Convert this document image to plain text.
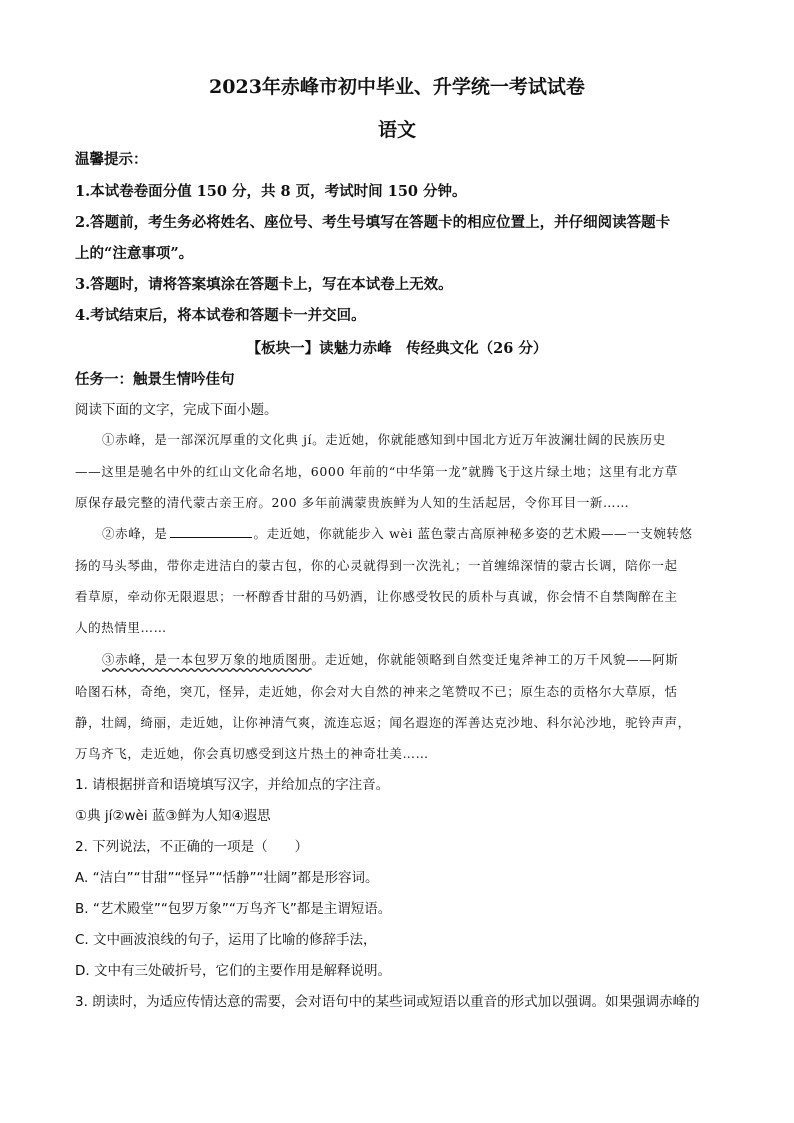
2023年赤峰市初中毕业、升学统一考试试卷
语文
温馨提示：
1.本试卷卷面分值 150 分，共 8 页，考试时间 150 分钟。
2.答题前，考生务必将姓名、座位号、考生号填写在答题卡的相应位置上，并仔细阅读答题卡
上的“注意事项”。
3.答题时，请将答案填涂在答题卡上，写在本试卷上无效。
4.考试结束后，将本试卷和答题卡一并交回。
【板块一】读魅力赤峰　传经典文化（26 分）
任务一：触景生情吟佳句
阅读下面的文字，完成下面小题。
①赤峰，是一部深沉厚重的文化典 jí。走近她，你就能感知到中国北方近万年波澜壮阔的民族历史
——这里是驰名中外的红山文化命名地，6000 年前的“中华第一龙”就腾飞于这片绿土地；这里有北方草
原保存最完整的清代蒙古亲王府。200 多年前满蒙贵族鲜为人知的生活起居，令你耳目一新……
②赤峰，是	。走近她，你就能步入 wèi 蓝色蒙古高原神秘多姿的艺术殿——一支婉转悠
扬的马头琴曲，带你走进洁白的蒙古包，你的心灵就得到一次洗礼；一首缠绵深情的蒙古长调，陪你一起
看草原，牵动你无限遐思；一杯醇香甘甜的马奶酒，让你感受牧民的质朴与真诚，你会情不自禁陶醉在主
人的热情里……
③赤峰，是一本包罗万象的地质图册。走近她，你就能领略到自然变迁鬼斧神工的万千风貌——阿斯
哈图石林，奇绝，突兀，怪异，走近她，你会对大自然的神来之笔赞叹不已；原生态的贡格尔大草原，恬
静，壮阔，绮丽，走近她，让你神清气爽，流连忘返；闻名遐迩的浑善达克沙地、科尔沁沙地，驼铃声声，
万鸟齐飞，走近她，你会真切感受到这片热土的神奇壮美……
1. 请根据拼音和语境填写汉字，并给加点的字注音。
①典 jí②wèi 蓝③鲜为人知④遐思
2. 下列说法，不正确的一项是（　　）
A. “洁白”“甘甜”“怪异”“恬静”“壮阔”都是形容词。
B. “艺术殿堂”“包罗万象”“万鸟齐飞”都是主谓短语。
C. 文中画波浪线的句子，运用了比喻的修辞手法，
D. 文中有三处破折号，它们的主要作用是解释说明。
3. 朗读时，为适应传情达意的需要，会对语句中的某些词或短语以重音的形式加以强调。如果强调赤峰的
